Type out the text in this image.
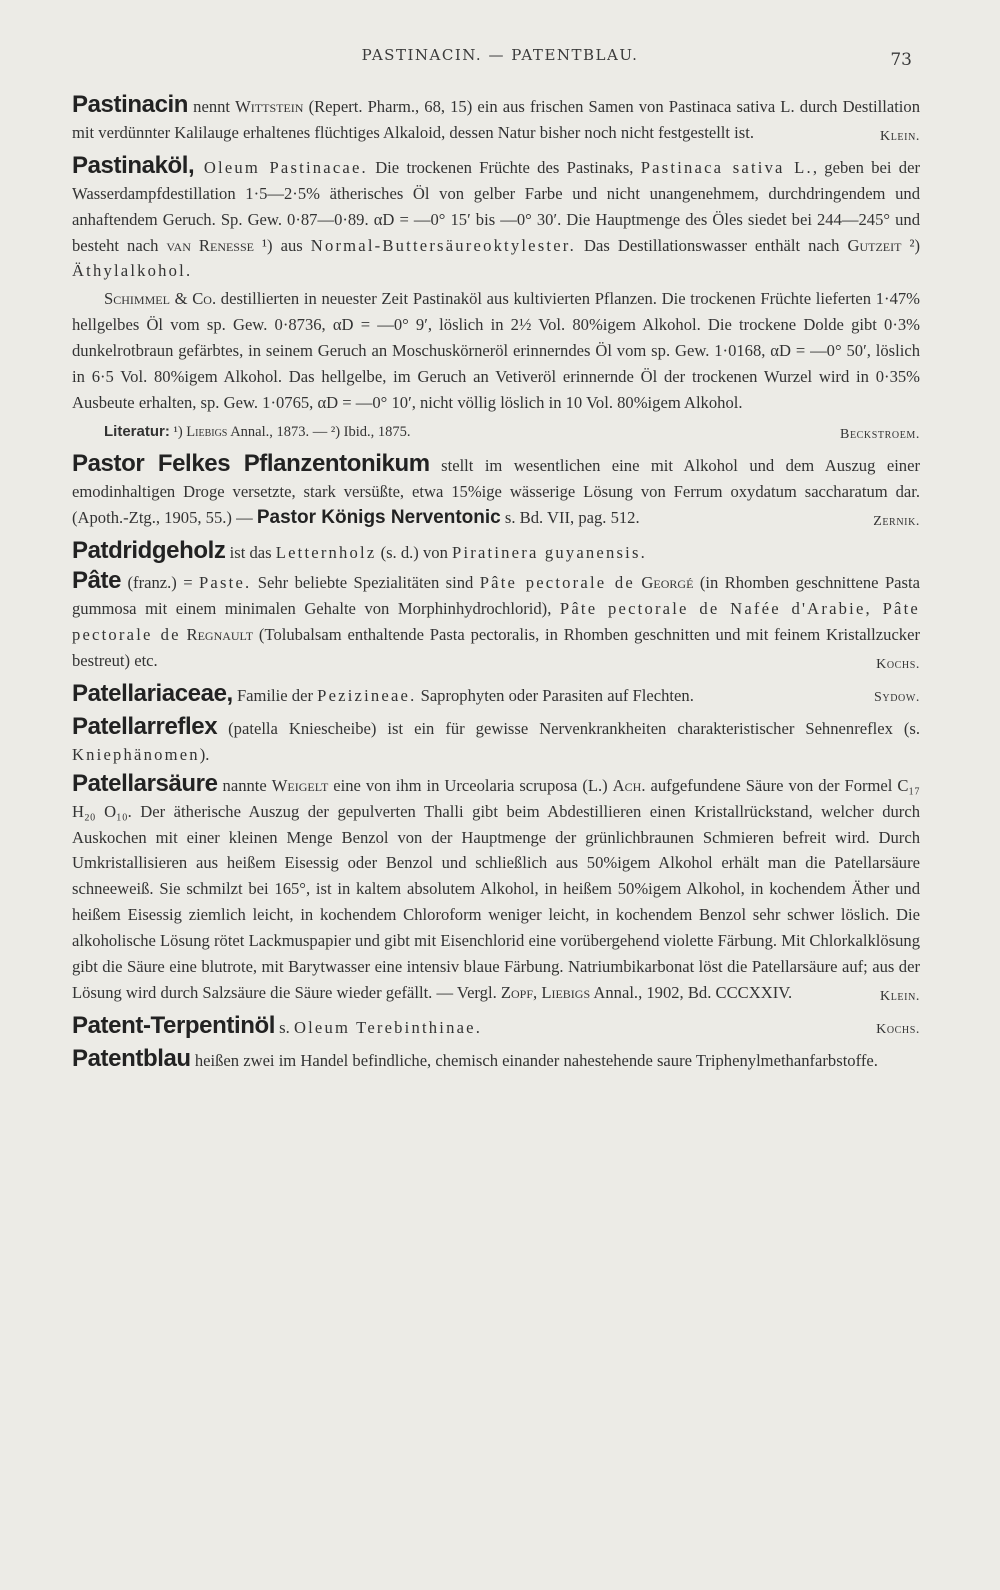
PASTINACIN. — PATENTBLAU.	73
Pastinacin nennt Wittstein (Repert. Pharm., 68, 15) ein aus frischen Samen von Pastinaca sativa L. durch Destillation mit verdünnter Kalilauge erhaltenes flüchtiges Alkaloid, dessen Natur bisher noch nicht festgestellt ist.	Klein.
Pastinaköl, Oleum Pastinacae. Die trockenen Früchte des Pastinaks, Pastinaca sativa L., geben bei der Wasserdampfdestillation 1·5—2·5% ätherisches Öl von gelber Farbe und nicht unangenehmem, durchdringendem und anhaftendem Geruch. Sp. Gew. 0·87—0·89. αD = —0° 15′ bis —0° 30′. Die Hauptmenge des Öles siedet bei 244—245° und besteht nach van Renesse ¹) aus Normal-Buttersäureoktylester. Das Destillationswasser enthält nach Gutzeit ²) Äthylalkohol.
Schimmel & Co. destillierten in neuester Zeit Pastinaköl aus kultivierten Pflanzen. Die trockenen Früchte lieferten 1·47% hellgelbes Öl vom sp. Gew. 0·8736, αD = —0° 9′, löslich in 2½ Vol. 80%igem Alkohol. Die trockene Dolde gibt 0·3% dunkelrotbraun gefärbtes, in seinem Geruch an Moschuskörneröl erinnerndes Öl vom sp. Gew. 1·0168, αD = —0° 50′, löslich in 6·5 Vol. 80%igem Alkohol. Das hellgelbe, im Geruch an Vetiveröl erinnernde Öl der trockenen Wurzel wird in 0·35% Ausbeute erhalten, sp. Gew. 1·0765, αD = —0° 10′, nicht völlig löslich in 10 Vol. 80%igem Alkohol.
Literatur: ¹) Liebigs Annal., 1873. — ²) Ibid., 1875.	Beckstroem.
Pastor Felkes Pflanzentonikum stellt im wesentlichen eine mit Alkohol und dem Auszug einer emodinhaltigen Droge versetzte, stark versüßte, etwa 15%ige wässerige Lösung von Ferrum oxydatum saccharatum dar. (Apoth.-Ztg., 1905, 55.) — Pastor Königs Nerventonic s. Bd. VII, pag. 512.	Zernik.
Patdridgeholz ist das Letternholz (s. d.) von Piratinera guyanensis.
Pâte (franz.) = Paste. Sehr beliebte Spezialitäten sind Pâte pectorale de Georgé (in Rhomben geschnittene Pasta gummosa mit einem minimalen Gehalte von Morphinhydrochlorid), Pâte pectorale de Nafée d'Arabie, Pâte pectorale de Regnault (Tolubalsam enthaltende Pasta pectoralis, in Rhomben geschnitten und mit feinem Kristallzucker bestreut) etc.	Kochs.
Patellariaceae, Familie der Pezizineae. Saprophyten oder Parasiten auf Flechten.	Sydow.
Patellarreflex (patella Kniescheibe) ist ein für gewisse Nervenkrankheiten charakteristischer Sehnenreflex (s. Kniephänomen).
Patellarsäure nannte Weigelt eine von ihm in Urceolaria scruposa (L.) Ach. aufgefundene Säure von der Formel C₁₇ H₂₀ O₁₀. Der ätherische Auszug der gepulverten Thalli gibt beim Abdestillieren einen Kristallrückstand, welcher durch Auskochen mit einer kleinen Menge Benzol von der Hauptmenge der grünlichbraunen Schmieren befreit wird. Durch Umkristallisieren aus heißem Eisessig oder Benzol und schließlich aus 50%igem Alkohol erhält man die Patellarsäure schneeweiß. Sie schmilzt bei 165°, ist in kaltem absolutem Alkohol, in heißem 50%igem Alkohol, in kochendem Äther und heißem Eisessig ziemlich leicht, in kochendem Chloroform weniger leicht, in kochendem Benzol sehr schwer löslich. Die alkoholische Lösung rötet Lackmuspapier und gibt mit Eisenchlorid eine vorübergehend violette Färbung. Mit Chlorkalklösung gibt die Säure eine blutrote, mit Barytwasser eine intensiv blaue Färbung. Natriumbikarbonat löst die Patellarsäure auf; aus der Lösung wird durch Salzsäure die Säure wieder gefällt. — Vergl. Zopf, Liebigs Annal., 1902, Bd. CCCXXIV.	Klein.
Patent-Terpentinöl s. Oleum Terebinthinae.	Kochs.
Patentblau heißen zwei im Handel befindliche, chemisch einander nahestehende saure Triphenylmethanfarbstoffe.
